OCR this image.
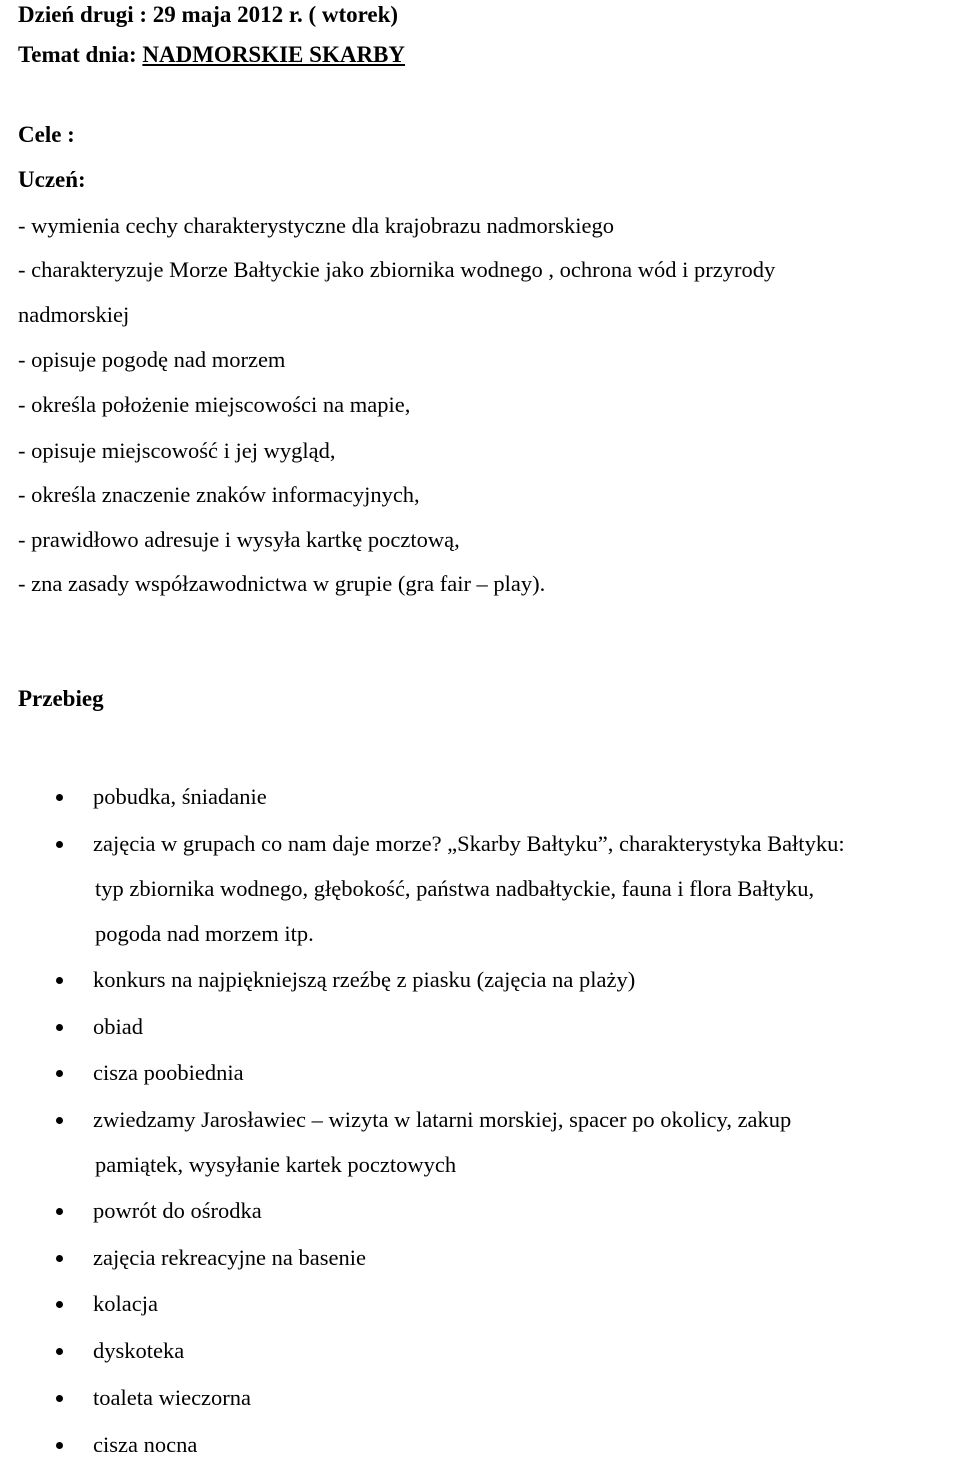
Dzień drugi : 29 maja 2012 r. ( wtorek)
Temat dnia: NADMORSKIE SKARBY
Cele :
Uczeń:
- wymienia cechy charakterystyczne dla krajobrazu nadmorskiego
- charakteryzuje Morze Bałtyckie jako zbiornika wodnego , ochrona wód i przyrody
nadmorskiej
- opisuje pogodę nad morzem
- określa położenie miejscowości na mapie,
- opisuje miejscowość i jej wygląd,
- określa znaczenie znaków informacyjnych,
- prawidłowo adresuje i wysyła kartkę pocztową,
- zna zasady współzawodnictwa w grupie (gra fair – play).
Przebieg
pobudka, śniadanie
zajęcia w grupach co nam daje morze? „Skarby Bałtyku”, charakterystyka Bałtyku:
typ zbiornika wodnego, głębokość, państwa nadbałtyckie, fauna i flora Bałtyku,
pogoda nad morzem itp.
konkurs na najpiękniejszą rzeźbę z piasku (zajęcia na plaży)
obiad
cisza poobiednia
zwiedzamy Jarosławiec – wizyta w latarni morskiej, spacer po okolicy, zakup
pamiątek, wysyłanie kartek pocztowych
powrót do ośrodka
zajęcia rekreacyjne na basenie
kolacja
dyskoteka
toaleta wieczorna
cisza nocna
